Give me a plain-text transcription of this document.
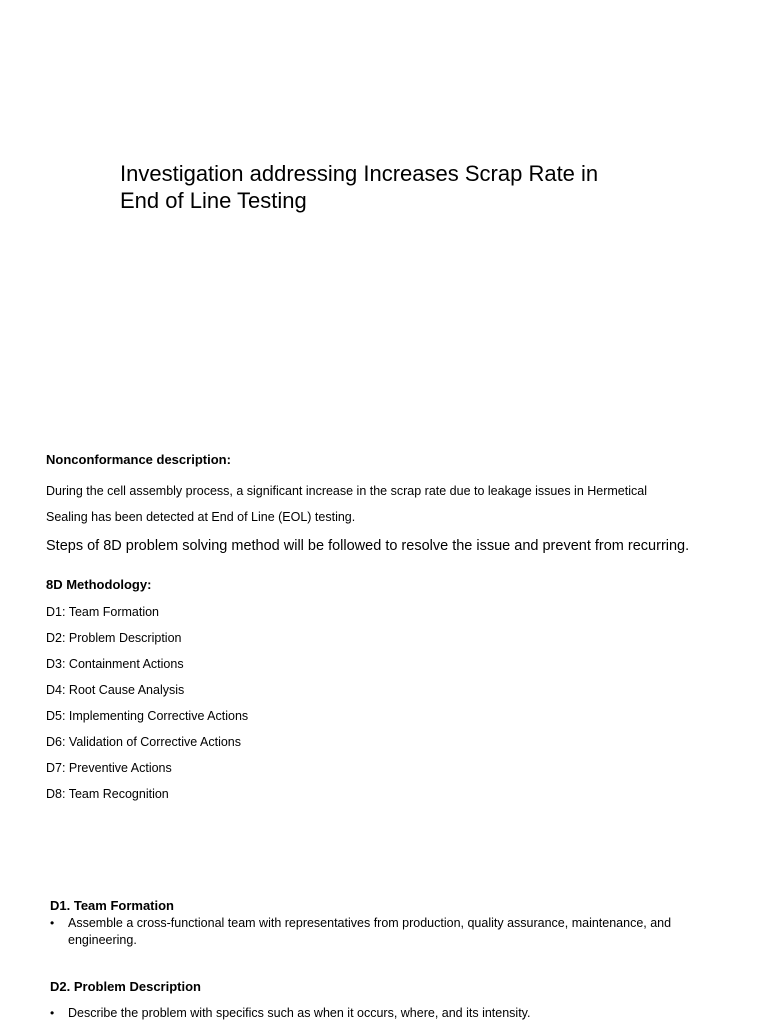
Investigation addressing Increases Scrap Rate in
End of Line Testing
Nonconformance description:
During the cell assembly process, a significant increase in the scrap rate due to leakage issues in Hermetical
Sealing has been detected at End of Line (EOL) testing.
Steps of 8D problem solving method will be followed to resolve the issue and prevent from recurring.
8D Methodology:
D1: Team Formation
D2: Problem Description
D3: Containment Actions
D4: Root Cause Analysis
D5: Implementing Corrective Actions
D6: Validation of Corrective Actions
D7: Preventive Actions
D8: Team Recognition
D1. Team Formation
• Assemble a cross-functional team with representatives from production, quality assurance, maintenance, and engineering.
D2. Problem Description
• Describe the problem with specifics such as when it occurs, where, and its intensity.
